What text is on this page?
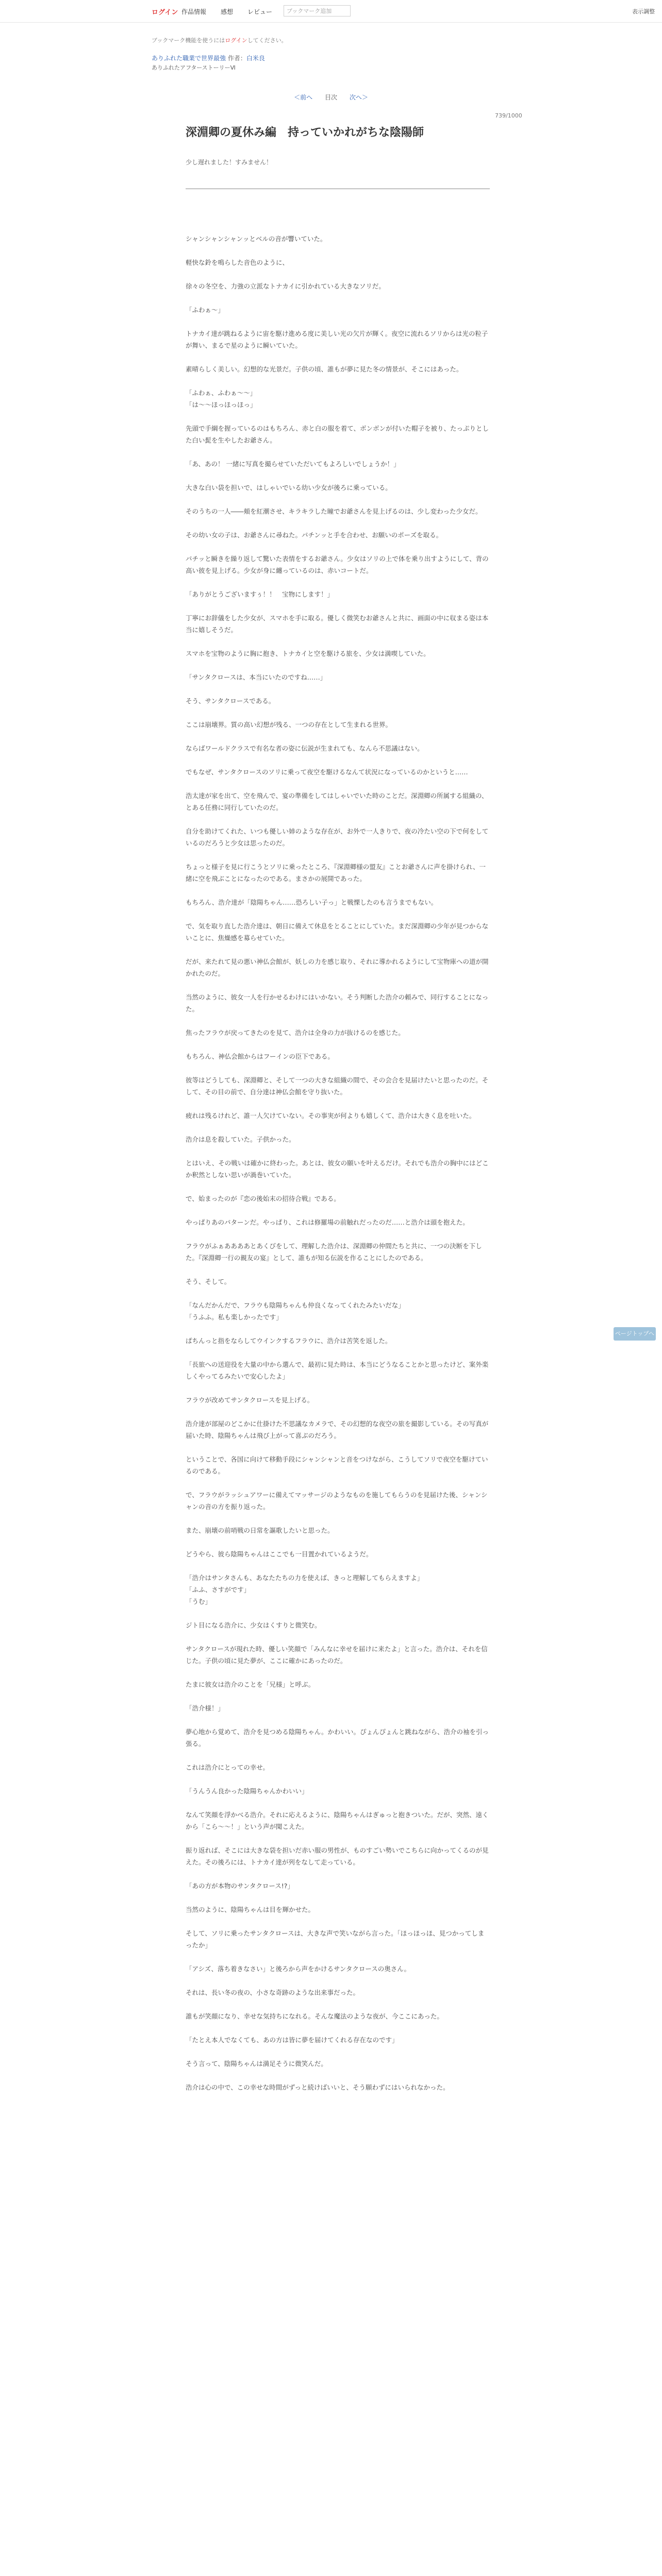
ログイン 作品情報 感想 レビュー
ブックマーク追加	表示調整
ブックマーク機能を使うにはログインしてください。
ありふれた職業で世界最強 作者：白米良
ありふれたアフターストーリーⅥ
＜前へ 目次 次へ＞
739/1000
深淵卿の夏休み編　持っていかれがちな陰陽師
少し遅れました！すみません！

シャンシャンシャンッとベルの音が響いていた。

軽快な鈴を鳴らした音色のように、

徐々の冬空を、力強の立派なトナカイに引かれている大きなソリだ。

「ふわぁ〜」

トナカイ達が跳ねるように宙を駆け進める度に美しい光の欠片が輝く。夜空に流れるソリからは光の粒子が舞い、まるで星のように瞬いていた。

素晴らしく美しい。幻想的な光景だ。子供の頃、誰もが夢に見た冬の情景が、そこにはあった。

「ふわぁ、ふわぁ〜〜」

「は〜〜ほっほっほっ」

先頭で手綱を握っているのはもちろん、赤と白の服を着て、ボンボンが付いた帽子を被り、たっぷりとした白い髭を生やしたお爺さん。

「あ、あの！ 一緒に写真を撮らせていただいてもよろしいでしょうか！」

大きな白い袋を担いで、はしゃいでいる幼い少女が後ろに乗っている。

そのうちの一人――頬を紅潮させ、キラキラした瞳でお爺さんを見上げるのは、少し変わった少女だ。

その幼い女の子は、お爺さんに尋ねた。パチンッと手を合わせ、お願いのポーズを取る。

パチッと瞬きを繰り返して驚いた表情をするお爺さん。少女はソリの上で体を乗り出すようにして、背の高い彼を見上げる。少女が身に纏っているのは、赤いコートだ。

「ありがとうございますぅ！！　宝物にします！」

丁寧にお辞儀をした少女が、スマホを手に取る。優しく微笑むお爺さんと共に、画面の中に収まる姿は本当に嬉しそうだ。

スマホを宝物のように胸に抱き、トナカイと空を駆ける旅を、少女は満喫していた。

「サンタクロースは、本当にいたのですね……」

そう、サンタクロースである。

ここは崩壊界。質の高い幻想が残る、一つの存在として生まれる世界。

ならばワールドクラスで有名な者の姿に伝説が生まれても、なんら不思議はない。

でもなぜ、サンタクロースのソリに乗って夜空を駆けるなんて状況になっているのかというと……

浩太達が家を出て、空を飛んで、宴の準備をしてはしゃいでいた時のことだ。深淵卿の所属する組織の、とある任務に同行していたのだ。

自分を助けてくれた、いつも優しい姉のような存在が、お外で一人きりで、夜の冷たい空の下で何をしているのだろうと少女は思ったのだ。

ちょっと様子を見に行こうとソリに乗ったところ、『深淵卿様の盟友』ことお爺さんに声を掛けられ、一緒に空を飛ぶことになったのである。まさかの展開であった。

もちろん、浩介達が「陰陽ちゃん……恐ろしい子っ」と戦慄したのも言うまでもない。

で、気を取り直した浩介達は、朝日に備えて休息をとることにしていた。まだ深淵卿の少年が見つからないことに、焦燥感を募らせていた。

だが、来たれて見の悪い神仏会館が、妖しの力を感じ取り、それに導かれるようにして宝物庫への道が開かれたのだ。

当然のように、彼女一人を行かせるわけにはいかない。そう判断した浩介の頼みで、同行することになった。

焦ったフラウが戻ってきたのを見て、浩介は全身の力が抜けるのを感じた。

もちろん、神仏会館からはフーインの臣下である。

彼等はどうしても、深淵卿と、そして一つの大きな組織の間で、その会合を見届けたいと思ったのだ。そして、その目の前で、自分達は神仏会館を守り抜いた。

疲れは残るけれど、誰一人欠けていない。その事実が何よりも嬉しくて、浩介は大きく息を吐いた。

浩介は息を殺していた。子供かった。

とはいえ、その戦いは確かに終わった。あとは、彼女の願いを叶えるだけ。それでも浩介の胸中にはどこか釈然としない思いが渦巻いていた。

で、始まったのが『恋の後始末の招待合戦』である。

やっぱりあのパターンだ。やっぱり、これは修羅場の前触れだったのだ……と浩介は頭を抱えた。

フラウがふぁああああとあくびをして、理解した浩介は、深淵卿の仲間たちと共に、一つの決断を下した。『深淵卿一行の親友の宴』として、誰もが知る伝説を作ることにしたのである。

そう、そして。

「なんだかんだで、フラウも陰陽ちゃんも仲良くなってくれたみたいだな」

「うふふ。私も楽しかったです」

ぱちんっと指をならしてウインクするフラウに、浩介は苦笑を返した。

「長旅への送迎役を大量の中から選んで、最初に見た時は、本当にどうなることかと思ったけど、案外楽しくやってるみたいで安心したよ」

フラウが改めてサンタクロースを見上げる。

浩介達が部屋のどこかに仕掛けた不思議なカメラで、その幻想的な夜空の旅を撮影している。その写真が届いた時、陰陽ちゃんは飛び上がって喜ぶのだろう。

ということで、各国に向けて移動手段にシャンシャンと音をつけながら、こうしてソリで夜空を駆けているのである。

で、フラウがラッシュアワーに備えてマッサージのようなものを施してもらうのを見届けた後、シャンシャンの音の方を振り返った。

また、崩壊の前哨戦の日常を謳歌したいと思った。

どうやら、彼ら陰陽ちゃんはここでも一目置かれているようだ。

「浩介はサンタさんも、あなたたちの力を使えば、きっと理解してもらえますよ」

「ふふ、さすがです」

「うむ」

ジト目になる浩介に、少女はくすりと微笑む。

サンタクロースが現れた時、優しい笑顔で「みんなに幸せを届けに来たよ」と言った。浩介は、それを信じた。子供の頃に見た夢が、ここに確かにあったのだ。

たまに彼女は浩介のことを「兄様」と呼ぶ。

「浩介様！」

夢心地から覚めて、浩介を見つめる陰陽ちゃん。かわいい。ぴょんぴょんと跳ねながら、浩介の袖を引っ張る。

これは浩介にとっての幸せ。

「うんうん良かった陰陽ちゃんかわいい」

なんて笑顔を浮かべる浩介。それに応えるように、陰陽ちゃんはぎゅっと抱きついた。だが、突然、遠くから「こら〜〜！」という声が聞こえた。

振り返れば、そこには大きな袋を担いだ赤い服の男性が、ものすごい勢いでこちらに向かってくるのが見えた。その後ろには、トナカイ達が列をなして走っている。

「あの方が本物のサンタクロース!?」

当然のように、陰陽ちゃんは目を輝かせた。

そして、ソリに乗ったサンタクロースは、大きな声で笑いながら言った。「ほっほっほ、見つかってしまったか」

「アシズ、落ち着きなさい」と後ろから声をかけるサンタクロースの奥さん。

それは、長い冬の夜の、小さな奇跡のような出来事だった。

誰もが笑顔になり、幸せな気持ちになれる。そんな魔法のような夜が、今ここにあった。

「たとえ本人でなくても、あの方は皆に夢を届けてくれる存在なのです」

そう言って、陰陽ちゃんは満足そうに微笑んだ。

浩介は心の中で、この幸せな時間がずっと続けばいいと、そう願わずにはいられなかった。

ページトップへ
